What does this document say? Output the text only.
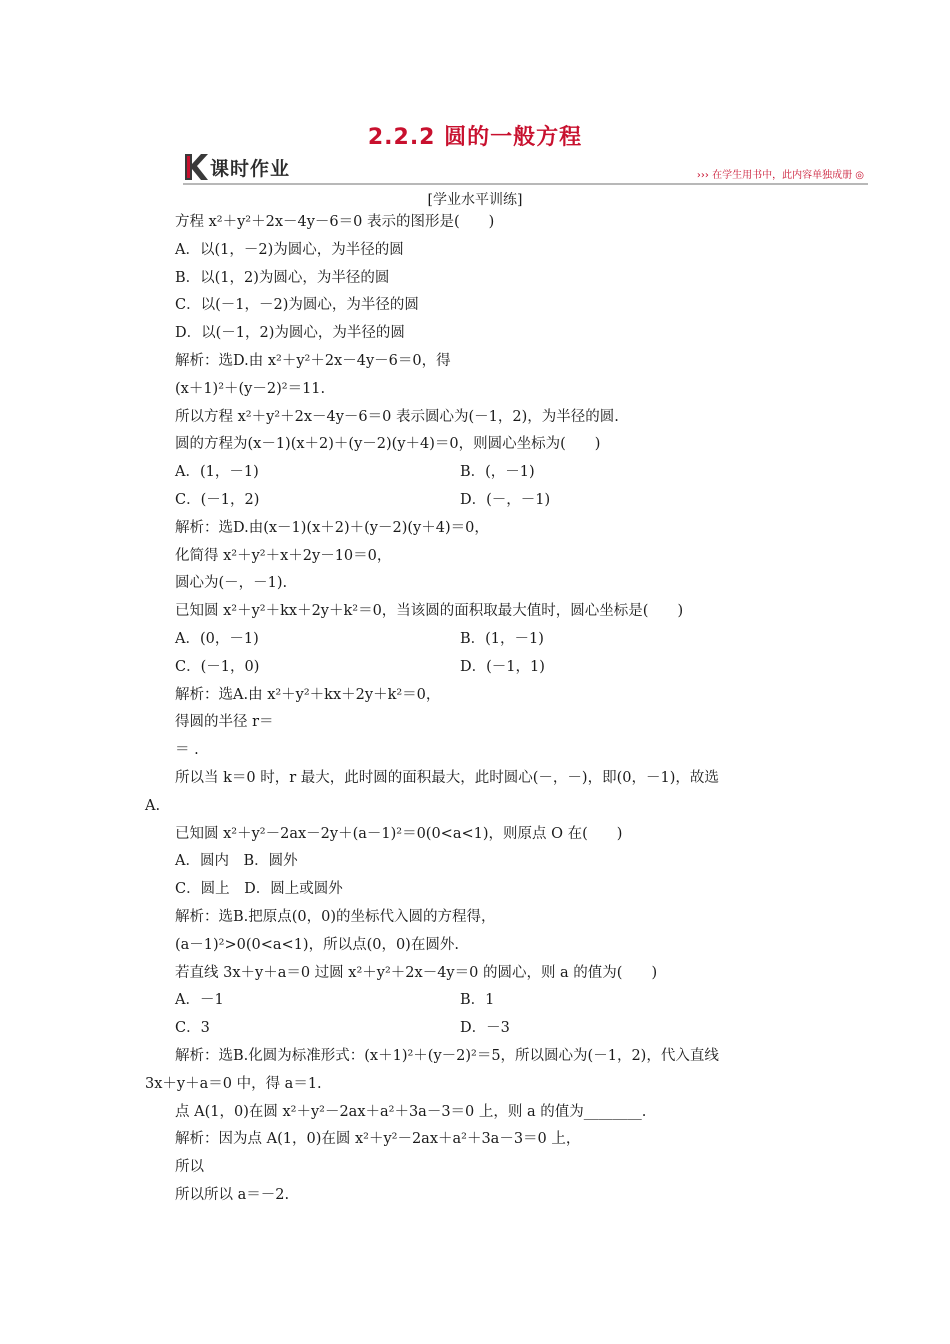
2.2.2 圆的一般方程
课时作业	››› 在学生用书中，此内容单独成册 ◎
[学业水平训练]
方程 x²＋y²＋2x－4y－6＝0 表示的图形是(　　)
A．以(1，－2)为圆心，为半径的圆
B．以(1，2)为圆心，为半径的圆
C．以(－1，－2)为圆心，为半径的圆
D．以(－1，2)为圆心，为半径的圆
解析：选D.由 x²＋y²＋2x－4y－6＝0，得
(x＋1)²＋(y－2)²＝11.
所以方程 x²＋y²＋2x－4y－6＝0 表示圆心为(－1，2)，为半径的圆.
圆的方程为(x－1)(x＋2)＋(y－2)(y＋4)＝0，则圆心坐标为(　　)
A．(1，－1)	B．(，－1)
C．(－1，2)	D．(－，－1)
解析：选D.由(x－1)(x＋2)＋(y－2)(y＋4)＝0，
化简得 x²＋y²＋x＋2y－10＝0，
圆心为(－，－1).
已知圆 x²＋y²＋kx＋2y＋k²＝0，当该圆的面积取最大值时，圆心坐标是(　　)
A．(0，－1)	B．(1，－1)
C．(－1，0)	D．(－1，1)
解析：选A.由 x²＋y²＋kx＋2y＋k²＝0，
得圆的半径 r＝
＝ .
所以当 k＝0 时，r 最大，此时圆的面积最大，此时圆心(－，－)，即(0，－1)，故选
A.
已知圆 x²＋y²－2ax－2y＋(a－1)²＝0(0<a<1)，则原点 O 在(　　)
A．圆内　B．圆外
C．圆上　D．圆上或圆外
解析：选B.把原点(0，0)的坐标代入圆的方程得，
(a－1)²>0(0<a<1)，所以点(0，0)在圆外.
若直线 3x＋y＋a＝0 过圆 x²＋y²＋2x－4y＝0 的圆心，则 a 的值为(　　)
A．－1	B．1
C．3	D．－3
解析：选B.化圆为标准形式：(x＋1)²＋(y－2)²＝5，所以圆心为(－1，2)，代入直线
3x＋y＋a＝0 中，得 a＝1.
点 A(1，0)在圆 x²＋y²－2ax＋a²＋3a－3＝0 上，则 a 的值为________.
解析：因为点 A(1，0)在圆 x²＋y²－2ax＋a²＋3a－3＝0 上，
所以
所以所以 a＝－2.
